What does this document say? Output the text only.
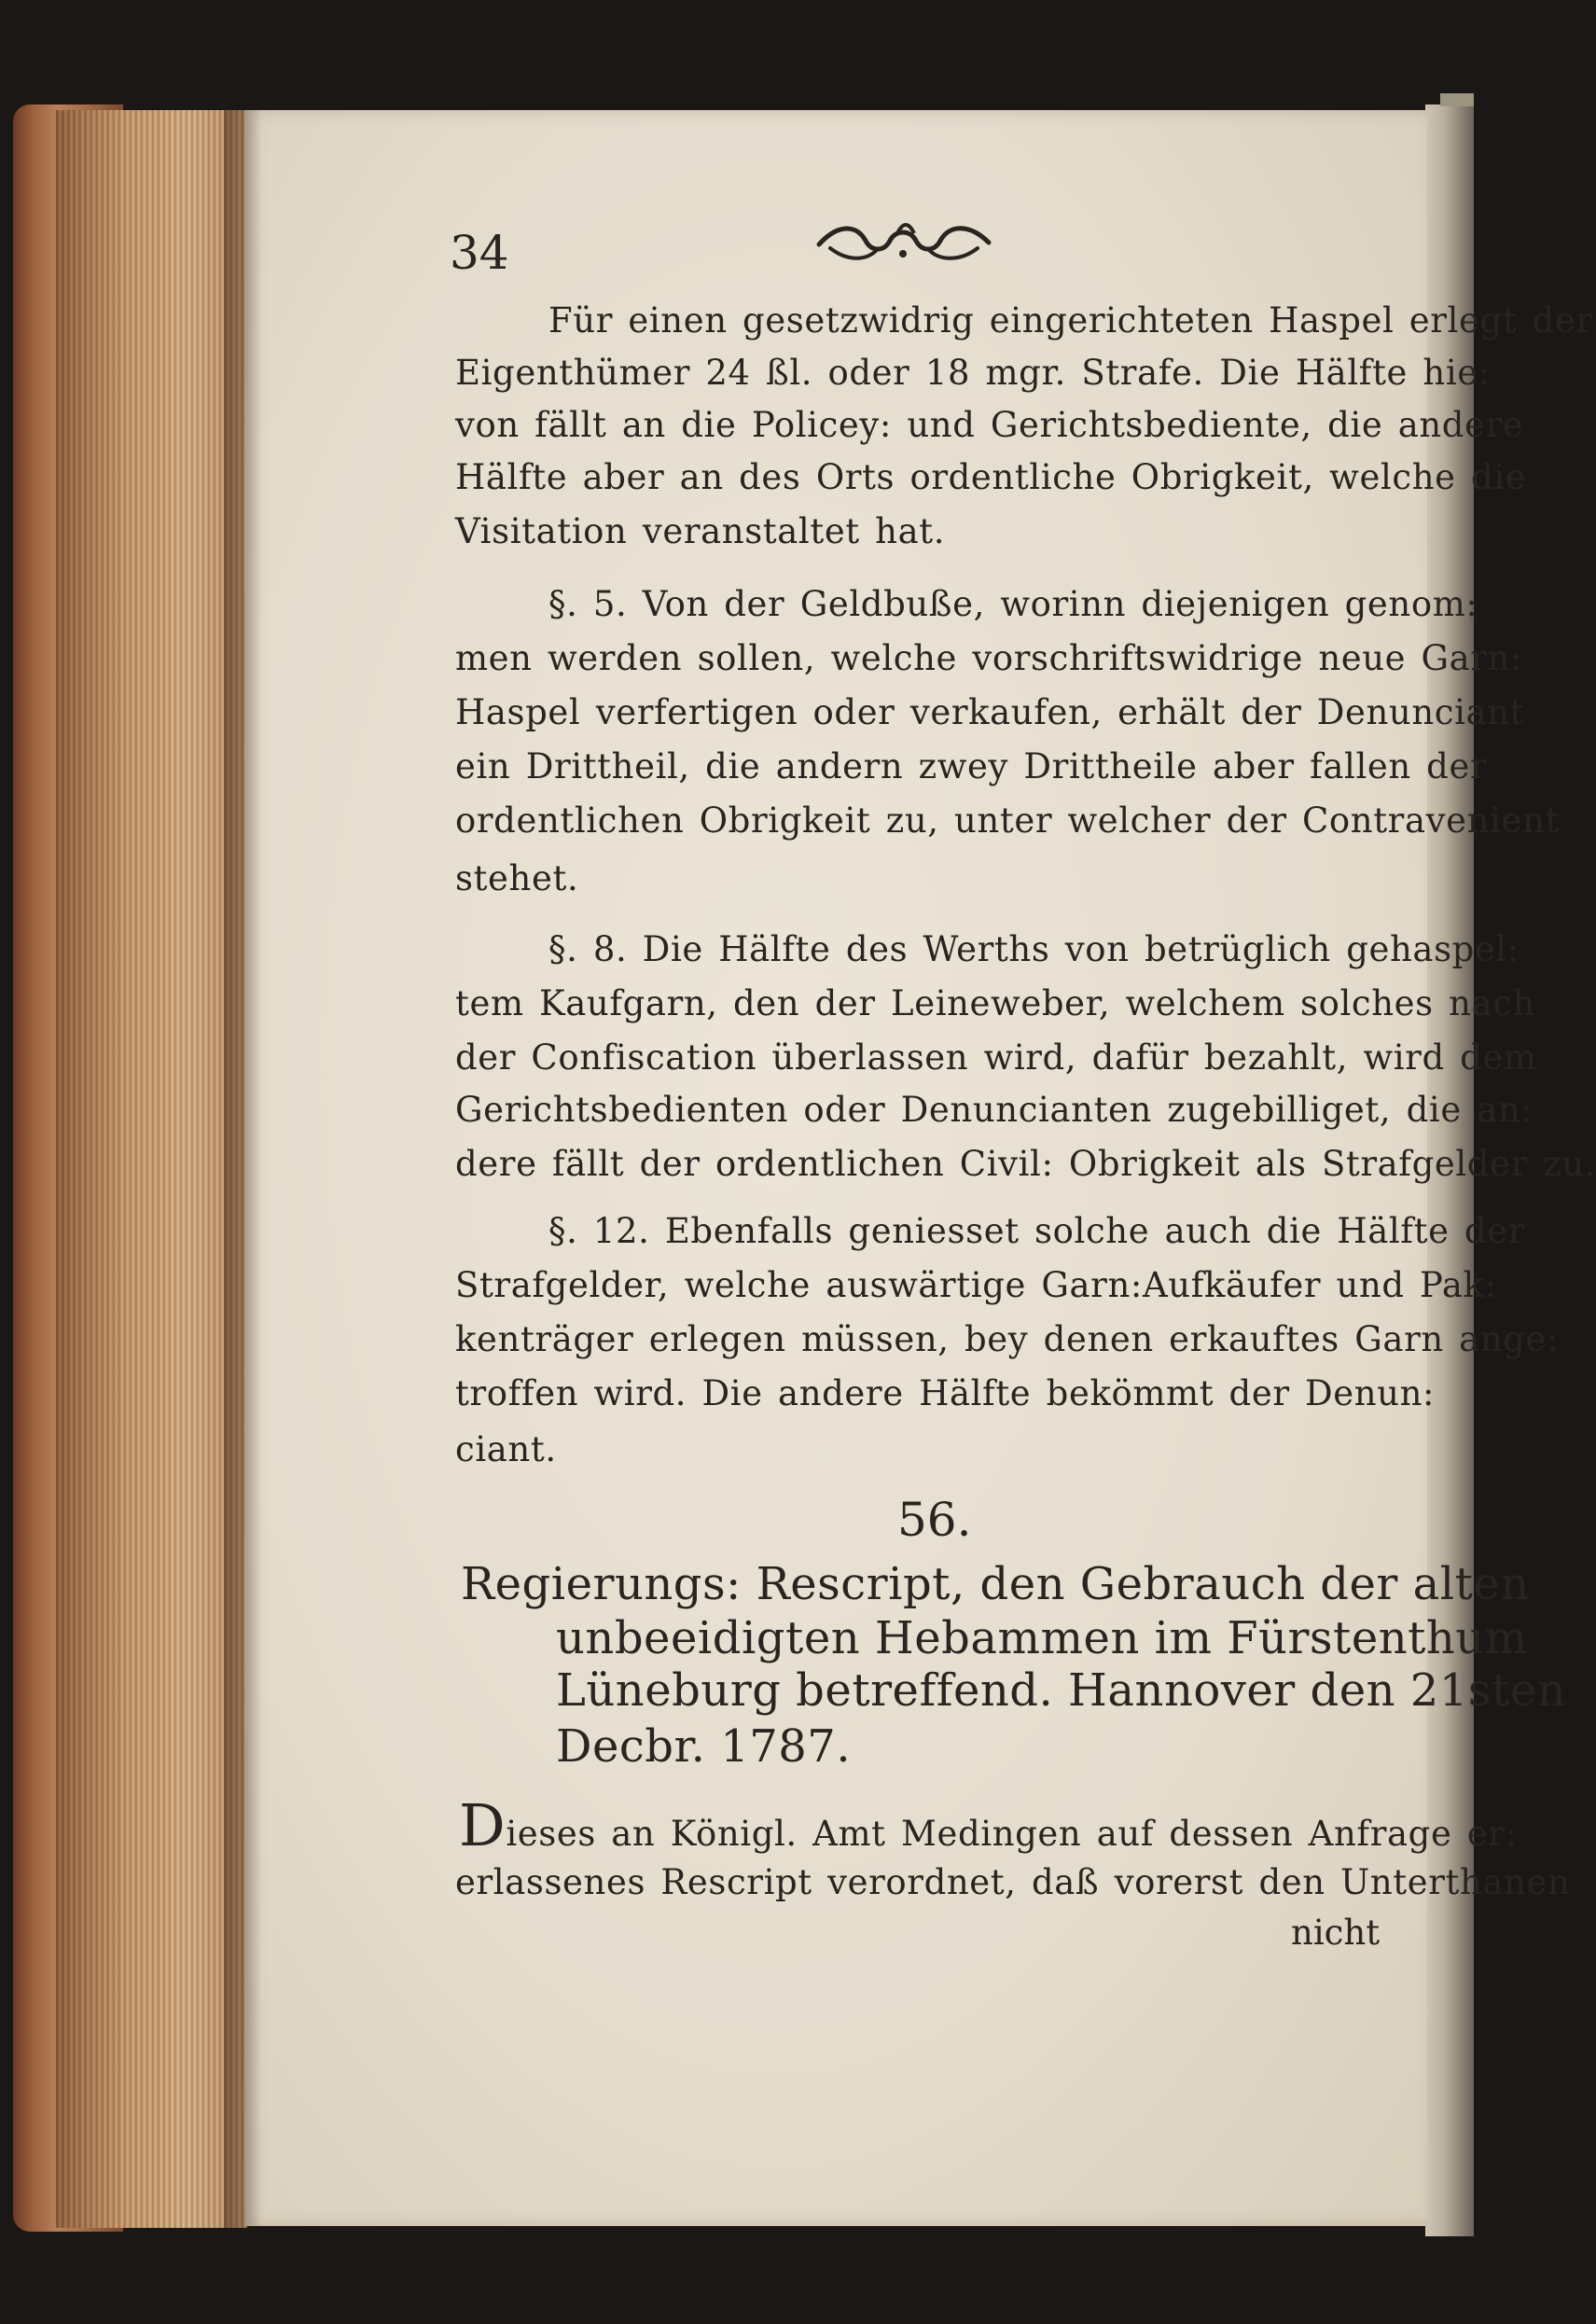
34
Für einen gesetzwidrig eingerichteten Haspel erlegt der
Eigenthümer 24 ßl. oder 18 mgr. Strafe. Die Hälfte hie:
von fällt an die Policey: und Gerichtsbediente, die andere
Hälfte aber an des Orts ordentliche Obrigkeit, welche die
Visitation veranstaltet hat.
§. 5. Von der Geldbuße, worinn diejenigen genom:
men werden sollen, welche vorschriftswidrige neue Garn:
Haspel verfertigen oder verkaufen, erhält der Denunciant
ein Drittheil, die andern zwey Drittheile aber fallen der
ordentlichen Obrigkeit zu, unter welcher der Contravenient
stehet.
§. 8. Die Hälfte des Werths von betrüglich gehaspel:
tem Kaufgarn, den der Leineweber, welchem solches nach
der Confiscation überlassen wird, dafür bezahlt, wird dem
Gerichtsbedienten oder Denuncianten zugebilliget, die an:
dere fällt der ordentlichen Civil: Obrigkeit als Strafgelder zu.
§. 12. Ebenfalls geniesset solche auch die Hälfte der
Strafgelder, welche auswärtige Garn:Aufkäufer und Pak:
kenträger erlegen müssen, bey denen erkauftes Garn ange:
troffen wird. Die andere Hälfte bekömmt der Denun:
ciant.
56.
Regierungs: Rescript, den Gebrauch der alten
unbeeidigten Hebammen im Fürstenthum
Lüneburg betreffend. Hannover den 21sten
Decbr. 1787.
Dieses an Königl. Amt Medingen auf dessen Anfrage er:
erlassenes Rescript verordnet, daß vorerst den Unterthanen
nicht
